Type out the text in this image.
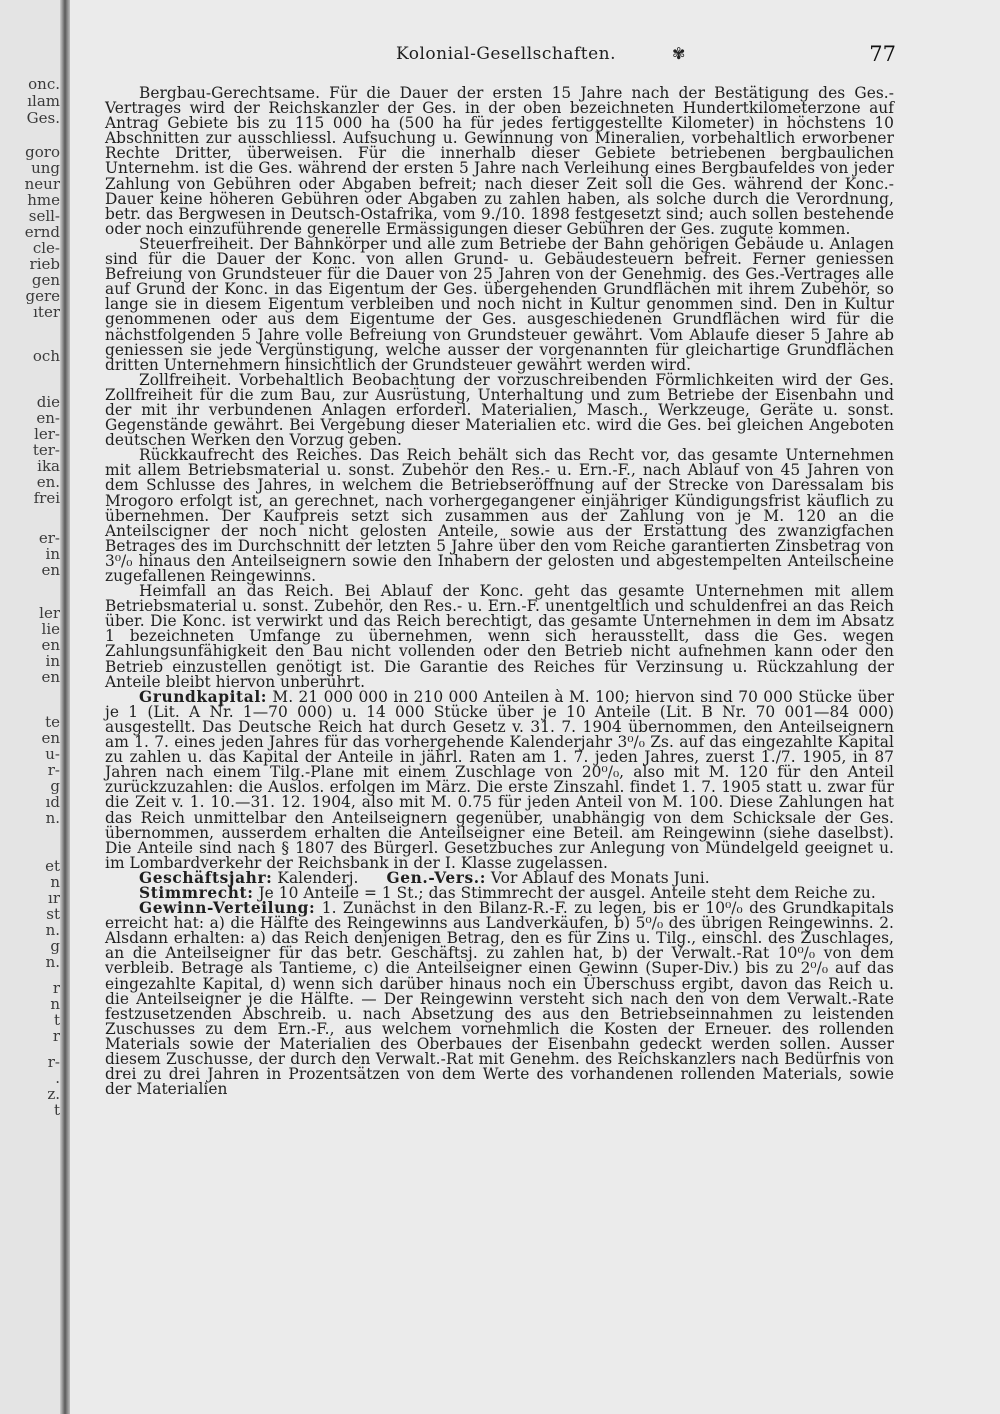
onc.
ılam
Ges.
goro
ung
neur
hme
sell-
ernd
cle-
rieb
gen
gere
ıter
och
die
en-
ler-
ter-
ika
en.
frei
er-
in
en
ler
lie
en
in
en
te
en
u-
r-
g
ıd
n.
et
n
ır
st
n.
g
n.
r
n
t
r
r-
.
z.
t
Kolonial-Gesellschaften.	✾	77

Bergbau-Gerechtsame. Für die Dauer der ersten 15 Jahre nach der Bestätigung des Ges.-Vertrages wird der Reichskanzler der Ges. in der oben bezeichneten Hundertkilometerzone auf Antrag Gebiete bis zu 115 000 ha (500 ha für jedes fertiggestellte Kilometer) in höchstens 10 Abschnitten zur ausschliessl. Aufsuchung u. Gewinnung von Mineralien, vorbehaltlich erworbener Rechte Dritter, überweisen. Für die innerhalb dieser Gebiete betriebenen bergbaulichen Unternehm. ist die Ges. während der ersten 5 Jahre nach Verleihung eines Bergbaufeldes von jeder Zahlung von Gebühren oder Abgaben befreit; nach dieser Zeit soll die Ges. während der Konc.-Dauer keine höheren Gebühren oder Abgaben zu zahlen haben, als solche durch die Verordnung, betr. das Bergwesen in Deutsch-Ostafrika, vom 9./10. 1898 festgesetzt sind; auch sollen bestehende oder noch einzuführende generelle Ermässigungen dieser Gebühren der Ges. zugute kommen.

Steuerfreiheit. Der Bahnkörper und alle zum Betriebe der Bahn gehörigen Gebäude u. Anlagen sind für die Dauer der Konc. von allen Grund- u. Gebäudesteuern befreit. Ferner geniessen Befreiung von Grundsteuer für die Dauer von 25 Jahren von der Genehmig. des Ges.-Vertrages alle auf Grund der Konc. in das Eigentum der Ges. übergehenden Grundflächen mit ihrem Zubehör, so lange sie in diesem Eigentum verbleiben und noch nicht in Kultur genommen sind. Den in Kultur genommenen oder aus dem Eigentume der Ges. ausgeschiedenen Grundflächen wird für die nächstfolgenden 5 Jahre volle Befreiung von Grundsteuer gewährt. Vom Ablaufe dieser 5 Jahre ab geniessen sie jede Vergünstigung, welche ausser der vorgenannten für gleichartige Grundflächen dritten Unternehmern hinsichtlich der Grundsteuer gewährt werden wird.

Zollfreiheit. Vorbehaltlich Beobachtung der vorzuschreibenden Förmlichkeiten wird der Ges. Zollfreiheit für die zum Bau, zur Ausrüstung, Unterhaltung und zum Betriebe der Eisenbahn und der mit ihr verbundenen Anlagen erforderl. Materialien, Masch., Werkzeuge, Geräte u. sonst. Gegenstände gewährt. Bei Vergebung dieser Materialien etc. wird die Ges. bei gleichen Angeboten deutschen Werken den Vorzug geben.

Rückkaufrecht des Reiches. Das Reich behält sich das Recht vor, das gesamte Unternehmen mit allem Betriebsmaterial u. sonst. Zubehör den Res.- u. Ern.-F., nach Ablauf von 45 Jahren von dem Schlusse des Jahres, in welchem die Betriebseröffnung auf der Strecke von Daressalam bis Mrogoro erfolgt ist, an gerechnet, nach vorhergegangener einjähriger Kündigungsfrist käuflich zu übernehmen. Der Kaufpreis setzt sich zusammen aus der Zahlung von je M. 120 an die Anteilscigner der noch nicht gelosten Anteile, sowie aus der Erstattung des zwanzigfachen Betrages des im Durchschnitt der letzten 5 Jahre über den vom Reiche garantierten Zinsbetrag von 3⁰/₀ hinaus den Anteilseignern sowie den Inhabern der gelosten und abgestempelten Anteilscheine zugefallenen Reingewinns.

Heimfall an das Reich. Bei Ablauf der Konc. geht das gesamte Unternehmen mit allem Betriebsmaterial u. sonst. Zubehör, den Res.- u. Ern.-F. unentgeltlich und schuldenfrei an das Reich über. Die Konc. ist verwirkt und das Reich berechtigt, das gesamte Unternehmen in dem im Absatz 1 bezeichneten Umfange zu übernehmen, wenn sich herausstellt, dass die Ges. wegen Zahlungsunfähigkeit den Bau nicht vollenden oder den Betrieb nicht aufnehmen kann oder den Betrieb einzustellen genötigt ist. Die Garantie des Reiches für Verzinsung u. Rückzahlung der Anteile bleibt hiervon unberührt.

Grundkapital: M. 21 000 000 in 210 000 Anteilen à M. 100; hiervon sind 70 000 Stücke über je 1 (Lit. A Nr. 1—70 000) u. 14 000 Stücke über je 10 Anteile (Lit. B Nr. 70 001—84 000) ausgestellt. Das Deutsche Reich hat durch Gesetz v. 31. 7. 1904 übernommen, den Anteilseignern am 1. 7. eines jeden Jahres für das vorhergehende Kalenderjahr 3⁰/₀ Zs. auf das eingezahlte Kapital zu zahlen u. das Kapital der Anteile in jährl. Raten am 1. 7. jeden Jahres, zuerst 1./7. 1905, in 87 Jahren nach einem Tilg.-Plane mit einem Zuschlage von 20⁰/₀, also mit M. 120 für den Anteil zurückzuzahlen: die Auslos. erfolgen im März. Die erste Zinszahl. findet 1. 7. 1905 statt u. zwar für die Zeit v. 1. 10.—31. 12. 1904, also mit M. 0.75 für jeden Anteil von M. 100. Diese Zahlungen hat das Reich unmittelbar den Anteilseignern gegenüber, unabhängig von dem Schicksale der Ges. übernommen, ausserdem erhalten die Anteilseigner eine Beteil. am Reingewinn (siehe daselbst). Die Anteile sind nach § 1807 des Bürgerl. Gesetzbuches zur Anlegung von Mündelgeld geeignet u. im Lombardverkehr der Reichsbank in der I. Klasse zugelassen.

Geschäftsjahr: Kalenderj. Gen.-Vers.: Vor Ablauf des Monats Juni.

Stimmrecht: Je 10 Anteile = 1 St.; das Stimmrecht der ausgel. Anteile steht dem Reiche zu.

Gewinn-Verteilung: 1. Zunächst in den Bilanz-R.-F. zu legen, bis er 10⁰/₀ des Grundkapitals erreicht hat: a) die Hälfte des Reingewinns aus Landverkäufen, b) 5⁰/₀ des übrigen Reingewinns. 2. Alsdann erhalten: a) das Reich denjenigen Betrag, den es für Zins u. Tilg., einschl. des Zuschlages, an die Anteilseigner für das betr. Geschäftsj. zu zahlen hat, b) der Verwalt.-Rat 10⁰/₀ von dem verbleib. Betrage als Tantieme, c) die Anteilseigner einen Gewinn (Super-Div.) bis zu 2⁰/₀ auf das eingezahlte Kapital, d) wenn sich darüber hinaus noch ein Überschuss ergibt, davon das Reich u. die Anteilseigner je die Hälfte. — Der Reingewinn versteht sich nach den von dem Verwalt.-Rate festzusetzenden Abschreib. u. nach Absetzung des aus den Betriebseinnahmen zu leistenden Zuschusses zu dem Ern.-F., aus welchem vornehmlich die Kosten der Erneuer. des rollenden Materials sowie der Materialien des Oberbaues der Eisenbahn gedeckt werden sollen. Ausser diesem Zuschusse, der durch den Verwalt.-Rat mit Genehm. des Reichskanzlers nach Bedürfnis von drei zu drei Jahren in Prozentsätzen von dem Werte des vorhandenen rollenden Materials, sowie der Materialien
